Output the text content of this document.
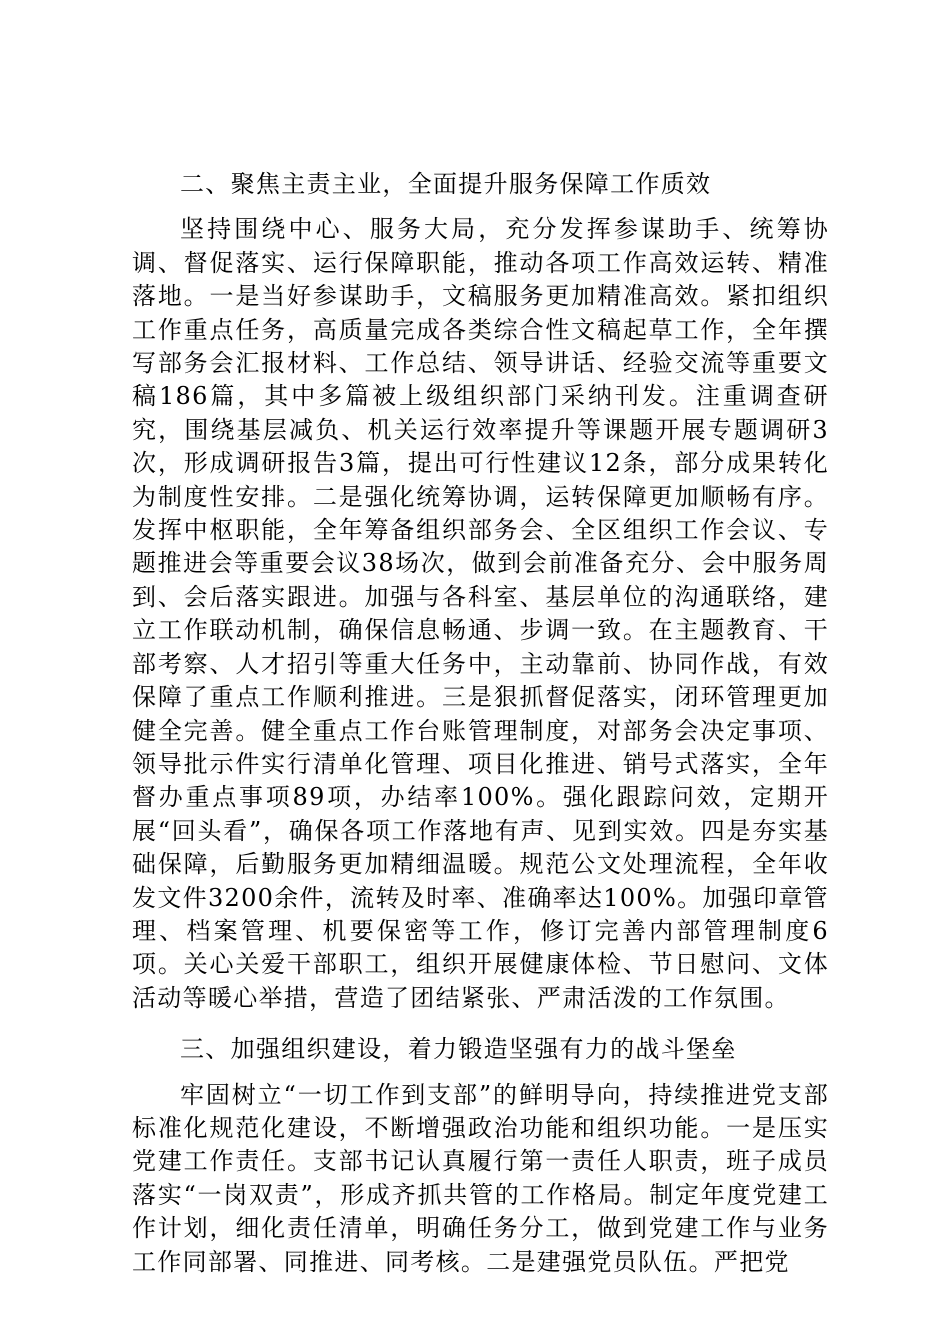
二、聚焦主责主业，全面提升服务保障工作质效

坚持围绕中心、服务大局，充分发挥参谋助手、统筹协调、督促落实、运行保障职能，推动各项工作高效运转、精准落地。一是当好参谋助手，文稿服务更加精准高效。紧扣组织工作重点任务，高质量完成各类综合性文稿起草工作，全年撰写部务会汇报材料、工作总结、领导讲话、经验交流等重要文稿186篇，其中多篇被上级组织部门采纳刊发。注重调查研究，围绕基层减负、机关运行效率提升等课题开展专题调研3次，形成调研报告3篇，提出可行性建议12条，部分成果转化为制度性安排。二是强化统筹协调，运转保障更加顺畅有序。发挥中枢职能，全年筹备组织部务会、全区组织工作会议、专题推进会等重要会议38场次，做到会前准备充分、会中服务周到、会后落实跟进。加强与各科室、基层单位的沟通联络，建立工作联动机制，确保信息畅通、步调一致。在主题教育、干部考察、人才招引等重大任务中，主动靠前、协同作战，有效保障了重点工作顺利推进。三是狠抓督促落实，闭环管理更加健全完善。健全重点工作台账管理制度，对部务会决定事项、领导批示件实行清单化管理、项目化推进、销号式落实，全年督办重点事项89项，办结率100%。强化跟踪问效，定期开展“回头看”，确保各项工作落地有声、见到实效。四是夯实基础保障，后勤服务更加精细温暖。规范公文处理流程，全年收发文件3200余件，流转及时率、准确率达100%。加强印章管理、档案管理、机要保密等工作，修订完善内部管理制度6项。关心关爱干部职工，组织开展健康体检、节日慰问、文体活动等暖心举措，营造了团结紧张、严肃活泼的工作氛围。

三、加强组织建设，着力锻造坚强有力的战斗堡垒

牢固树立“一切工作到支部”的鲜明导向，持续推进党支部标准化规范化建设，不断增强政治功能和组织功能。一是压实党建工作责任。支部书记认真履行第一责任人职责，班子成员落实“一岗双责”，形成齐抓共管的工作格局。制定年度党建工作计划，细化责任清单，明确任务分工，做到党建工作与业务工作同部署、同推进、同考核。二是建强党员队伍。严把党
